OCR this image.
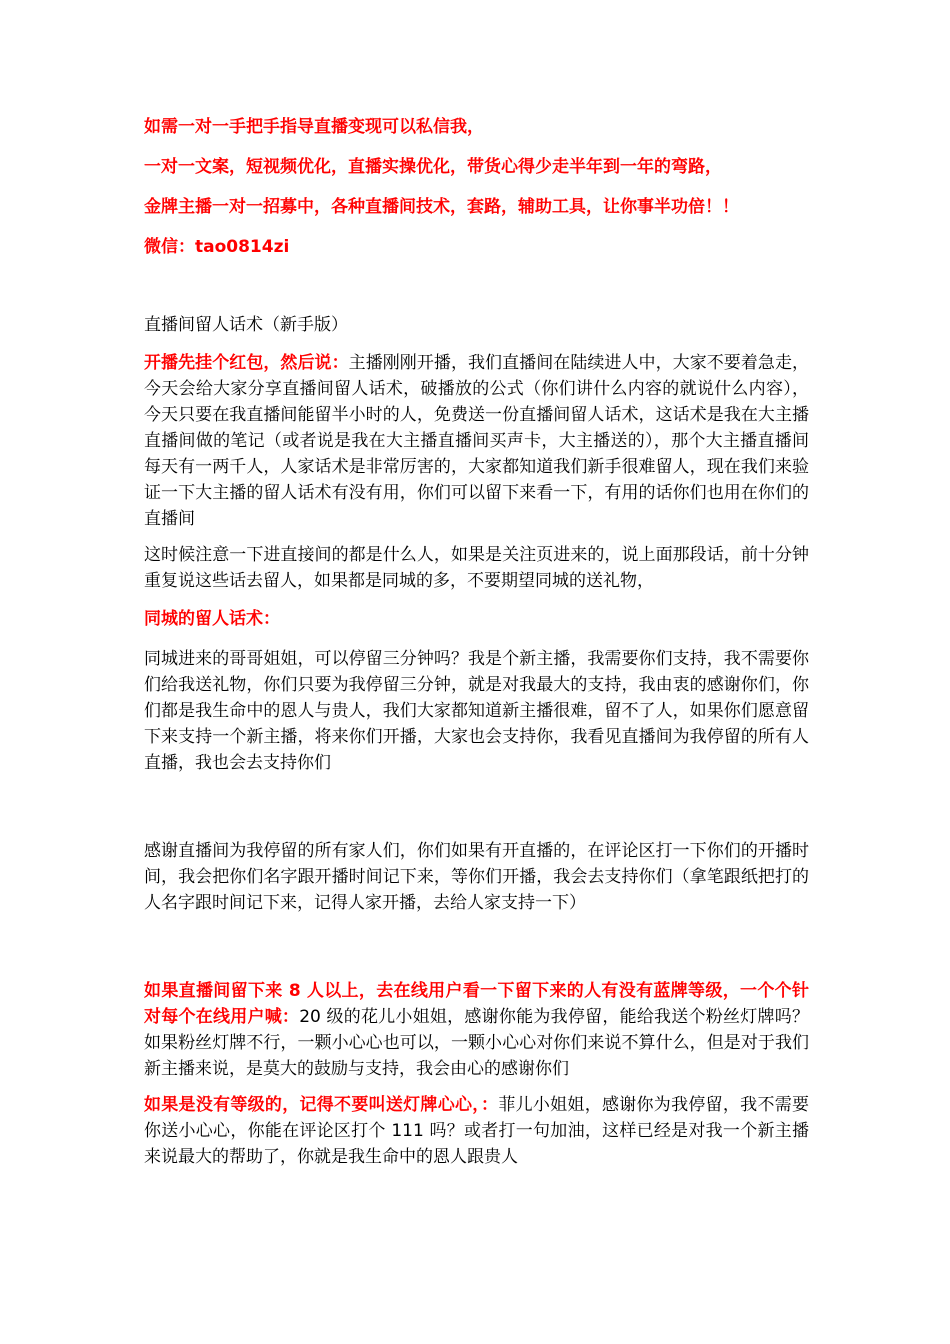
如需一对一手把手指导直播变现可以私信我，
一对一文案，短视频优化，直播实操优化，带货心得少走半年到一年的弯路，
金牌主播一对一招募中，各种直播间技术，套路，辅助工具，让你事半功倍！！
微信：tao0814zi
直播间留人话术（新手版）

开播先挂个红包，然后说：主播刚刚开播，我们直播间在陆续进人中，大家不要着急走，今天会给大家分享直播间留人话术，破播放的公式（你们讲什么内容的就说什么内容），今天只要在我直播间能留半小时的人，免费送一份直播间留人话术，这话术是我在大主播直播间做的笔记（或者说是我在大主播直播间买声卡，大主播送的），那个大主播直播间每天有一两千人，人家话术是非常厉害的，大家都知道我们新手很难留人，现在我们来验证一下大主播的留人话术有没有用，你们可以留下来看一下，有用的话你们也用在你们的直播间

这时候注意一下进直接间的都是什么人，如果是关注页进来的，说上面那段话，前十分钟重复说这些话去留人，如果都是同城的多，不要期望同城的送礼物，

同城的留人话术：

同城进来的哥哥姐姐，可以停留三分钟吗？我是个新主播，我需要你们支持，我不需要你们给我送礼物，你们只要为我停留三分钟，就是对我最大的支持，我由衷的感谢你们，你们都是我生命中的恩人与贵人，我们大家都知道新主播很难，留不了人，如果你们愿意留下来支持一个新主播，将来你们开播，大家也会支持你，我看见直播间为我停留的所有人直播，我也会去支持你们

感谢直播间为我停留的所有家人们，你们如果有开直播的，在评论区打一下你们的开播时间，我会把你们名字跟开播时间记下来，等你们开播，我会去支持你们（拿笔跟纸把打的人名字跟时间记下来，记得人家开播，去给人家支持一下）

如果直播间留下来 8 人以上，去在线用户看一下留下来的人有没有蓝牌等级，一个个针对每个在线用户喊：20 级的花儿小姐姐，感谢你能为我停留，能给我送个粉丝灯牌吗？如果粉丝灯牌不行，一颗小心心也可以，一颗小心心对你们来说不算什么，但是对于我们新主播来说，是莫大的鼓励与支持，我会由心的感谢你们

如果是没有等级的，记得不要叫送灯牌心心，：菲儿小姐姐，感谢你为我停留，我不需要你送小心心，你能在评论区打个 111 吗？或者打一句加油，这样已经是对我一个新主播来说最大的帮助了，你就是我生命中的恩人跟贵人
